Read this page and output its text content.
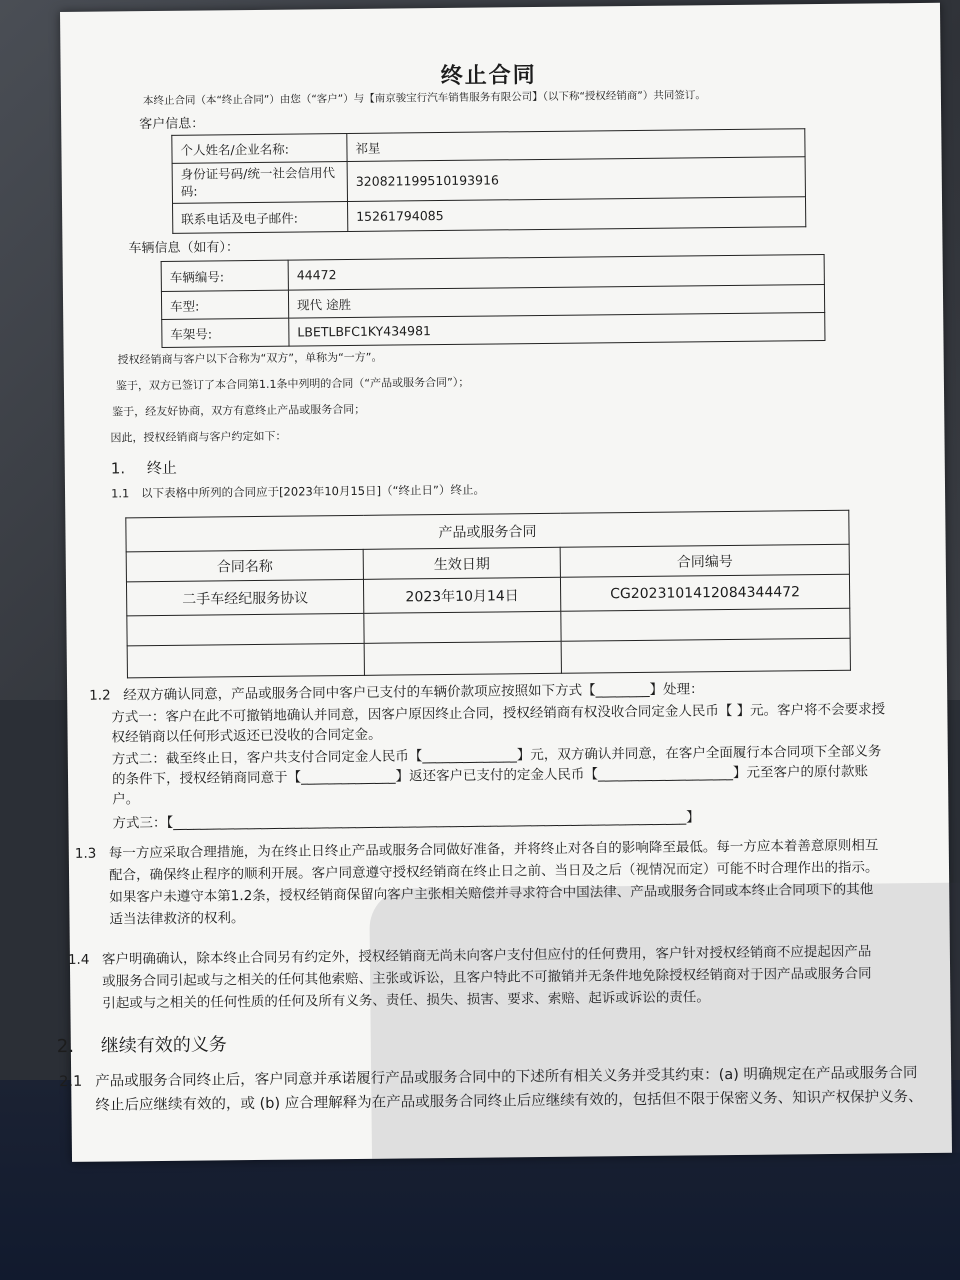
终止合同
本终止合同（本“终止合同”）由您（“客户”）与【南京骏宝行汽车销售服务有限公司】（以下称“授权经销商”）共同签订。
客户信息：
个人姓名/企业名称:	祁星
身份证号码/统一社会信用代码:	320821199510193916
联系电话及电子邮件:	15261794085
车辆信息（如有）：
车辆编号:	44472
车型:	现代 途胜
车架号:	LBETLBFC1KY434981
授权经销商与客户以下合称为“双方”，单称为“一方”。
鉴于，双方已签订了本合同第1.1条中列明的合同（“产品或服务合同”）；
鉴于，经友好协商，双方有意终止产品或服务合同；
因此，授权经销商与客户约定如下：
1. 终止
1.1 以下表格中所列的合同应于[2023年10月15日]（“终止日”）终止。
产品或服务合同		
合同名称	生效日期	合同编号
二手车经纪服务协议	2023年10月14日	CG2023101412084344472

1.2 经双方确认同意，产品或服务合同中客户已支付的车辆价款项应按照如下方式【________】处理：
方式一：客户在此不可撤销地确认并同意，因客户原因终止合同，授权经销商有权没收合同定金人民币【 】元。客户将不会要求授
权经销商以任何形式返还已没收的合同定金。
方式二：截至终止日，客户共支付合同定金人民币【______________】元，双方确认并同意，在客户全面履行本合同项下全部义务
的条件下，授权经销商同意于【______________】返还客户已支付的定金人民币【____________________】元至客户的原付款账
户。
方式三：【____________________________________________________________________________】
1.3 每一方应采取合理措施，为在终止日终止产品或服务合同做好准备，并将终止对各自的影响降至最低。每一方应本着善意原则相互
配合，确保终止程序的顺利开展。客户同意遵守授权经销商在终止日之前、当日及之后（视情况而定）可能不时合理作出的指示。
如果客户未遵守本第1.2条，授权经销商保留向客户主张相关赔偿并寻求符合中国法律、产品或服务合同或本终止合同项下的其他
适当法律救济的权利。
1.4 客户明确确认，除本终止合同另有约定外，授权经销商无尚未向客户支付但应付的任何费用，客户针对授权经销商不应提起因产品
或服务合同引起或与之相关的任何其他索赔、主张或诉讼，且客户特此不可撤销并无条件地免除授权经销商对于因产品或服务合同
引起或与之相关的任何性质的任何及所有义务、责任、损失、损害、要求、索赔、起诉或诉讼的责任。
2. 继续有效的义务
2.1 产品或服务合同终止后，客户同意并承诺履行产品或服务合同中的下述所有相关义务并受其约束：(a) 明确规定在产品或服务合同
终止后应继续有效的，或 (b) 应合理解释为在产品或服务合同终止后应继续有效的，包括但不限于保密义务、知识产权保护义务、
